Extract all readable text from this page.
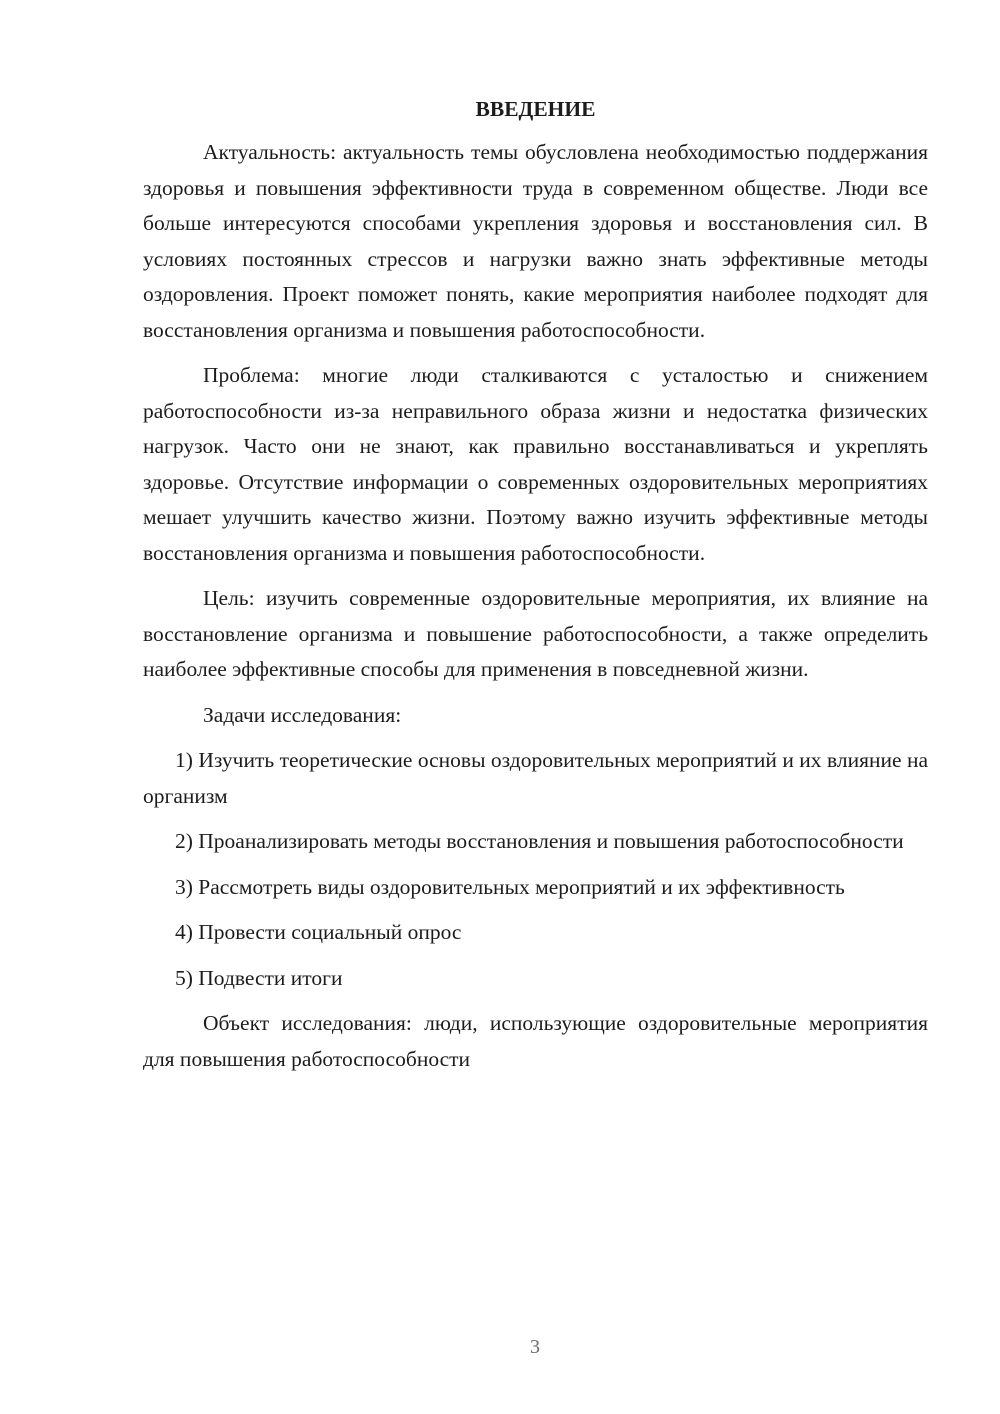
ВВЕДЕНИЕ
Актуальность: актуальность темы обусловлена необходимостью поддержания здоровья и повышения эффективности труда в современном обществе. Люди все больше интересуются способами укрепления здоровья и восстановления сил. В условиях постоянных стрессов и нагрузки важно знать эффективные методы оздоровления. Проект поможет понять, какие мероприятия наиболее подходят для восстановления организма и повышения работоспособности.
Проблема: многие люди сталкиваются с усталостью и снижением работоспособности из-за неправильного образа жизни и недостатка физических нагрузок. Часто они не знают, как правильно восстанавливаться и укреплять здоровье. Отсутствие информации о современных оздоровительных мероприятиях мешает улучшить качество жизни. Поэтому важно изучить эффективные методы восстановления организма и повышения работоспособности.
Цель: изучить современные оздоровительные мероприятия, их влияние на восстановление организма и повышение работоспособности, а также определить наиболее эффективные способы для применения в повседневной жизни.
Задачи исследования:
1) Изучить теоретические основы оздоровительных мероприятий и их влияние на организм
2) Проанализировать методы восстановления и повышения работоспособности
3) Рассмотреть виды оздоровительных мероприятий и их эффективность
4) Провести социальный опрос
5) Подвести итоги
Объект исследования: люди, использующие оздоровительные мероприятия для повышения работоспособности
3
